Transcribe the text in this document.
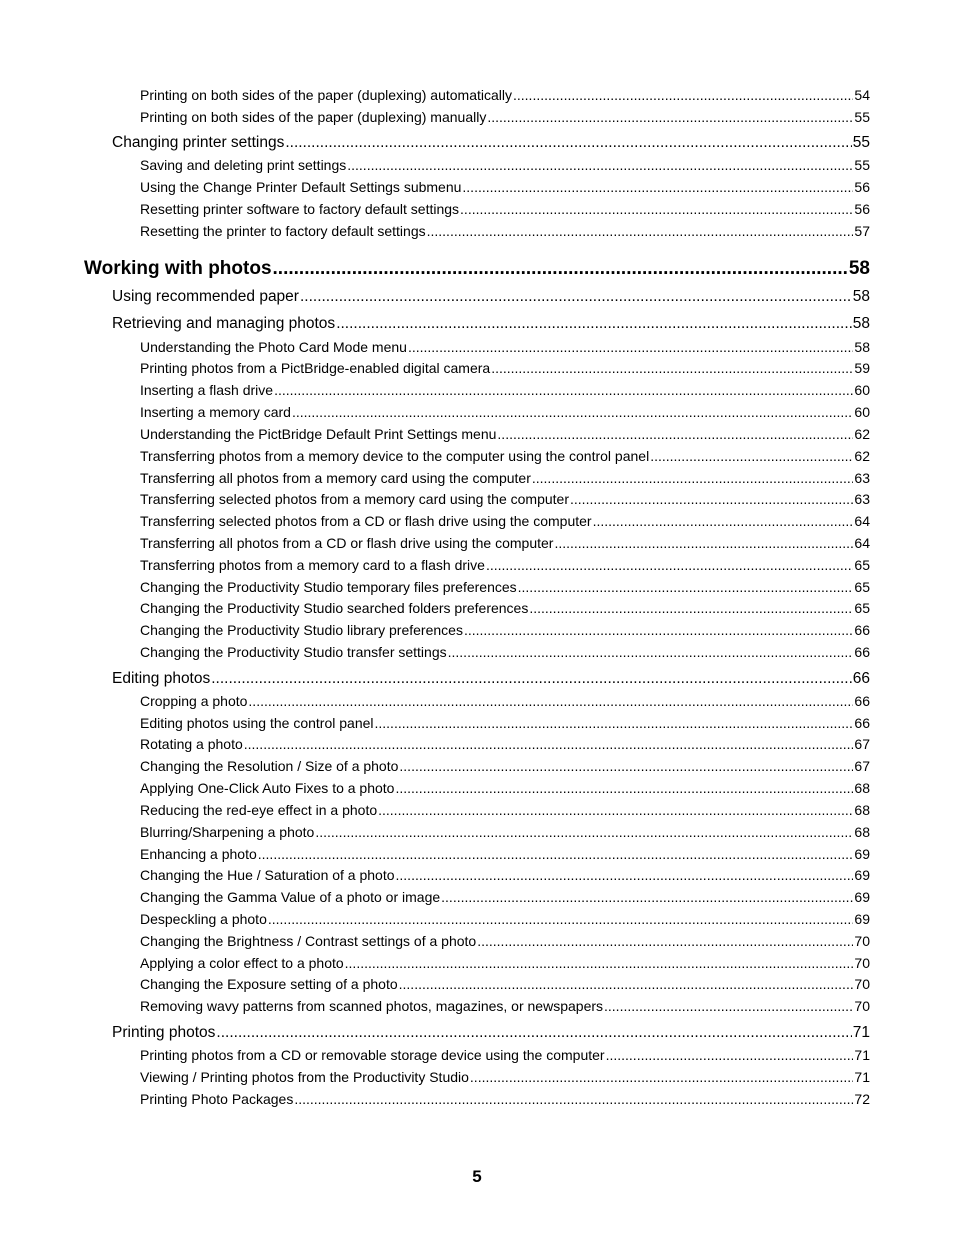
Printing on both sides of the paper (duplexing) automatically .....	54
Printing on both sides of the paper (duplexing) manually .....	55
Changing printer settings .....	55
Saving and deleting print settings .....	55
Using the Change Printer Default Settings submenu .....	56
Resetting printer software to factory default settings .....	56
Resetting the printer to factory default settings .....	57
Working with photos .....	58
Using recommended paper .....	58
Retrieving and managing photos .....	58
Understanding the Photo Card Mode menu .....	58
Printing photos from a PictBridge-enabled digital camera .....	59
Inserting a flash drive .....	60
Inserting a memory card .....	60
Understanding the PictBridge Default Print Settings menu .....	62
Transferring photos from a memory device to the computer using the control panel .....	62
Transferring all photos from a memory card using the computer .....	63
Transferring selected photos from a memory card using the computer .....	63
Transferring selected photos from a CD or flash drive using the computer .....	64
Transferring all photos from a CD or flash drive using the computer .....	64
Transferring photos from a memory card to a flash drive .....	65
Changing the Productivity Studio temporary files preferences .....	65
Changing the Productivity Studio searched folders preferences .....	65
Changing the Productivity Studio library preferences .....	66
Changing the Productivity Studio transfer settings .....	66
Editing photos .....	66
Cropping a photo .....	66
Editing photos using the control panel .....	66
Rotating a photo .....	67
Changing the Resolution / Size of a photo .....	67
Applying One-Click Auto Fixes to a photo .....	68
Reducing the red-eye effect in a photo .....	68
Blurring/Sharpening a photo .....	68
Enhancing a photo .....	69
Changing the Hue / Saturation of a photo .....	69
Changing the Gamma Value of a photo or image .....	69
Despeckling a photo .....	69
Changing the Brightness / Contrast settings of a photo .....	70
Applying a color effect to a photo .....	70
Changing the Exposure setting of a photo .....	70
Removing wavy patterns from scanned photos, magazines, or newspapers .....	70
Printing photos .....	71
Printing photos from a CD or removable storage device using the computer .....	71
Viewing / Printing photos from the Productivity Studio .....	71
Printing Photo Packages .....	72
5
